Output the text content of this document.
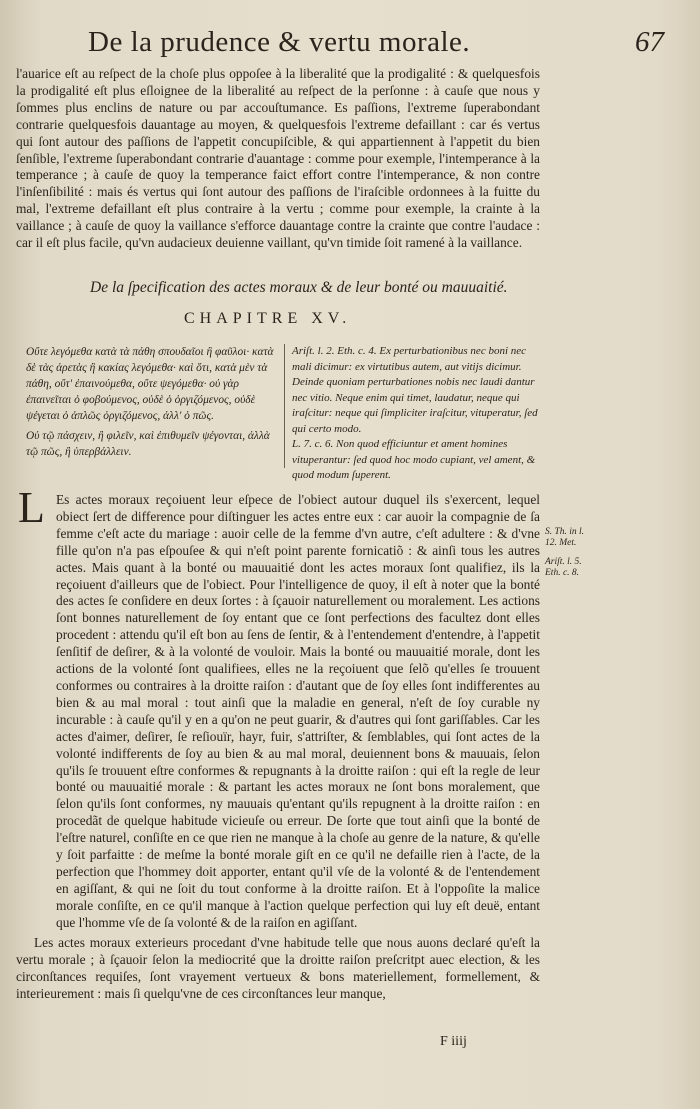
De la prudence & vertu morale.	67

l'auarice eſt au reſpect de la choſe plus oppoſee à la liberalité que la prodigalité : & quelquesfois la prodigalité eſt plus eſloignee de la liberalité au reſpect de la perſonne : à cauſe que nous y ſommes plus enclins de nature ou par accouſtumance. Es paſſions, l'extreme ſuperabondant contrarie quelquesfois dauantage au moyen, & quelquesfois l'extreme defaillant : car és vertus qui ſont autour des paſſions de l'appetit concupiſcible, & qui appartiennent à l'appetit du bien ſenſible, l'extreme ſuperabondant contrarie d'auantage : comme pour exemple, l'intemperance à la temperance ; à cauſe de quoy la temperance faict effort contre l'intemperance, & non contre l'inſenſibilité : mais és vertus qui ſont autour des paſſions de l'iraſcible ordonnees à la fuitte du mal, l'extreme defaillant eſt plus contraire à la vertu ; comme pour exemple, la crainte à la vaillance ; à cauſe de quoy la vaillance s'efforce dauantage contre la crainte que contre l'audace : car il eſt plus facile, qu'vn audacieux deuienne vaillant, qu'vn timide ſoit ramené à la vaillance.

De la ſpecification des actes moraux & de leur bonté ou mauuaitié.
CHAPITRE XV.

Οὔτε λεγόμεθα κατὰ τὰ πάθη σπουδαῖοι ἢ φαῦλοι· κατὰ δὲ τὰς ἀρετὰς ἢ κακίας λεγόμεθα· καὶ ὅτι, κατὰ μὲν τὰ πάθη, οὔτ' ἐπαινούμεθα, οὔτε ψεγόμεθα· οὐ γὰρ ἐπαινεῖται ὁ φοβούμενος, οὐδὲ ὁ ὀργιζόμενος, οὐδὲ ψέγεται ὁ ἁπλῶς ὀργιζόμενος, ἀλλ' ὁ πῶς.

Οὐ τῷ πάσχειν, ἢ φιλεῖν, καὶ ἐπιθυμεῖν ψέγονται, ἀλλὰ τῷ πῶς, ἢ ὑπερβάλλειν.

Ariſt. l. 2. Eth. c. 4. Ex perturbationibus nec boni nec mali dicimur: ex virtutibus autem, aut vitijs dicimur. Deinde quoniam perturbationes nobis nec laudi dantur nec vitio. Neque enim qui timet, laudatur, neque qui iraſcitur: neque qui ſimpliciter iraſcitur, vituperatur, ſed qui certo modo.
L. 7. c. 6. Non quod efficiuntur et ament homines vituperantur: ſed quod hoc modo cupiant, vel ament, & quod modum ſuperent.
L Es actes moraux reçoiuent leur eſpece de l'obiect autour duquel ils s'exercent, lequel obiect ſert de difference pour diſtinguer les actes entre eux : car auoir la compagnie de ſa femme c'eſt acte du mariage : auoir celle de la femme d'vn autre, c'eſt adultere : & d'vne fille qu'on n'a pas eſpouſee & qui n'eſt point parente fornicatiõ : & ainſi tous les autres actes. Mais quant à la bonté ou mauuaitié dont les actes moraux ſont qualifiez, ils la reçoiuent d'ailleurs que de l'obiect. Pour l'intelligence de quoy, il eſt à noter que la bonté des actes ſe conſidere en deux ſortes : à ſçauoir naturellement ou moralement. Les actions ſont bonnes naturellement de ſoy entant que ce ſont perfections des facultez dont elles procedent : attendu qu'il eſt bon au ſens de ſentir, & à l'entendement d'entendre, à l'appetit ſenſitif de deſirer, & à la volonté de vouloir. Mais la bonté ou mauuaitié morale, dont les actions de la volonté ſont qualifiees, elles ne la reçoiuent que ſelõ qu'elles ſe trouuent conformes ou contraires à la droitte raiſon : d'autant que de ſoy elles ſont indifferentes au bien & au mal moral : tout ainſi que la maladie en general, n'eſt de ſoy curable ny incurable : à cauſe qu'il y en a qu'on ne peut guarir, & d'autres qui ſont gariſſables. Car les actes d'aimer, deſirer, ſe reſiouïr, hayr, fuir, s'attriſter, & ſemblables, qui ſont actes de la volonté indifferents de ſoy au bien & au mal moral, deuiennent bons & mauuais, ſelon qu'ils ſe trouuent eſtre conformes & repugnants à la droitte raiſon : qui eſt la regle de leur bonté ou mauuaitié morale : & partant les actes moraux ne ſont bons moralement, que ſelon qu'ils ſont conformes, ny mauuais qu'entant qu'ils repugnent à la droitte raiſon : en procedãt de quelque habitude vicieuſe ou erreur. De ſorte que tout ainſi que la bonté de l'eſtre naturel, conſiſte en ce que rien ne manque à la choſe au genre de la nature, & qu'elle y ſoit parfaitte : de meſme la bonté morale giſt en ce qu'il ne defaille rien à l'acte, de la perfection que l'hommey doit apporter, entant qu'il vſe de la volonté & de l'entendement en agiſſant, & qui ne ſoit du tout conforme à la droitte raiſon. Et à l'oppoſite la malice morale conſiſte, en ce qu'il manque à l'action quelque perfection qui luy eſt deuë, entant que l'homme vſe de ſa volonté & de la raiſon en agiſſant.

Les actes moraux exterieurs procedant d'vne habitude telle que nous auons declaré qu'eſt la vertu morale ; à ſçauoir ſelon la mediocrité que la droitte raiſon preſcritpt auec election, & les circonſtances requiſes, ſont vrayement vertueux & bons materiellement, formellement, & interieurement : mais ſi quelqu'vne de ces circonſtances leur manque,

S. Th. in l. 12. Met.
Ariſt. l. 5. Eth. c. 8.
F iiij
